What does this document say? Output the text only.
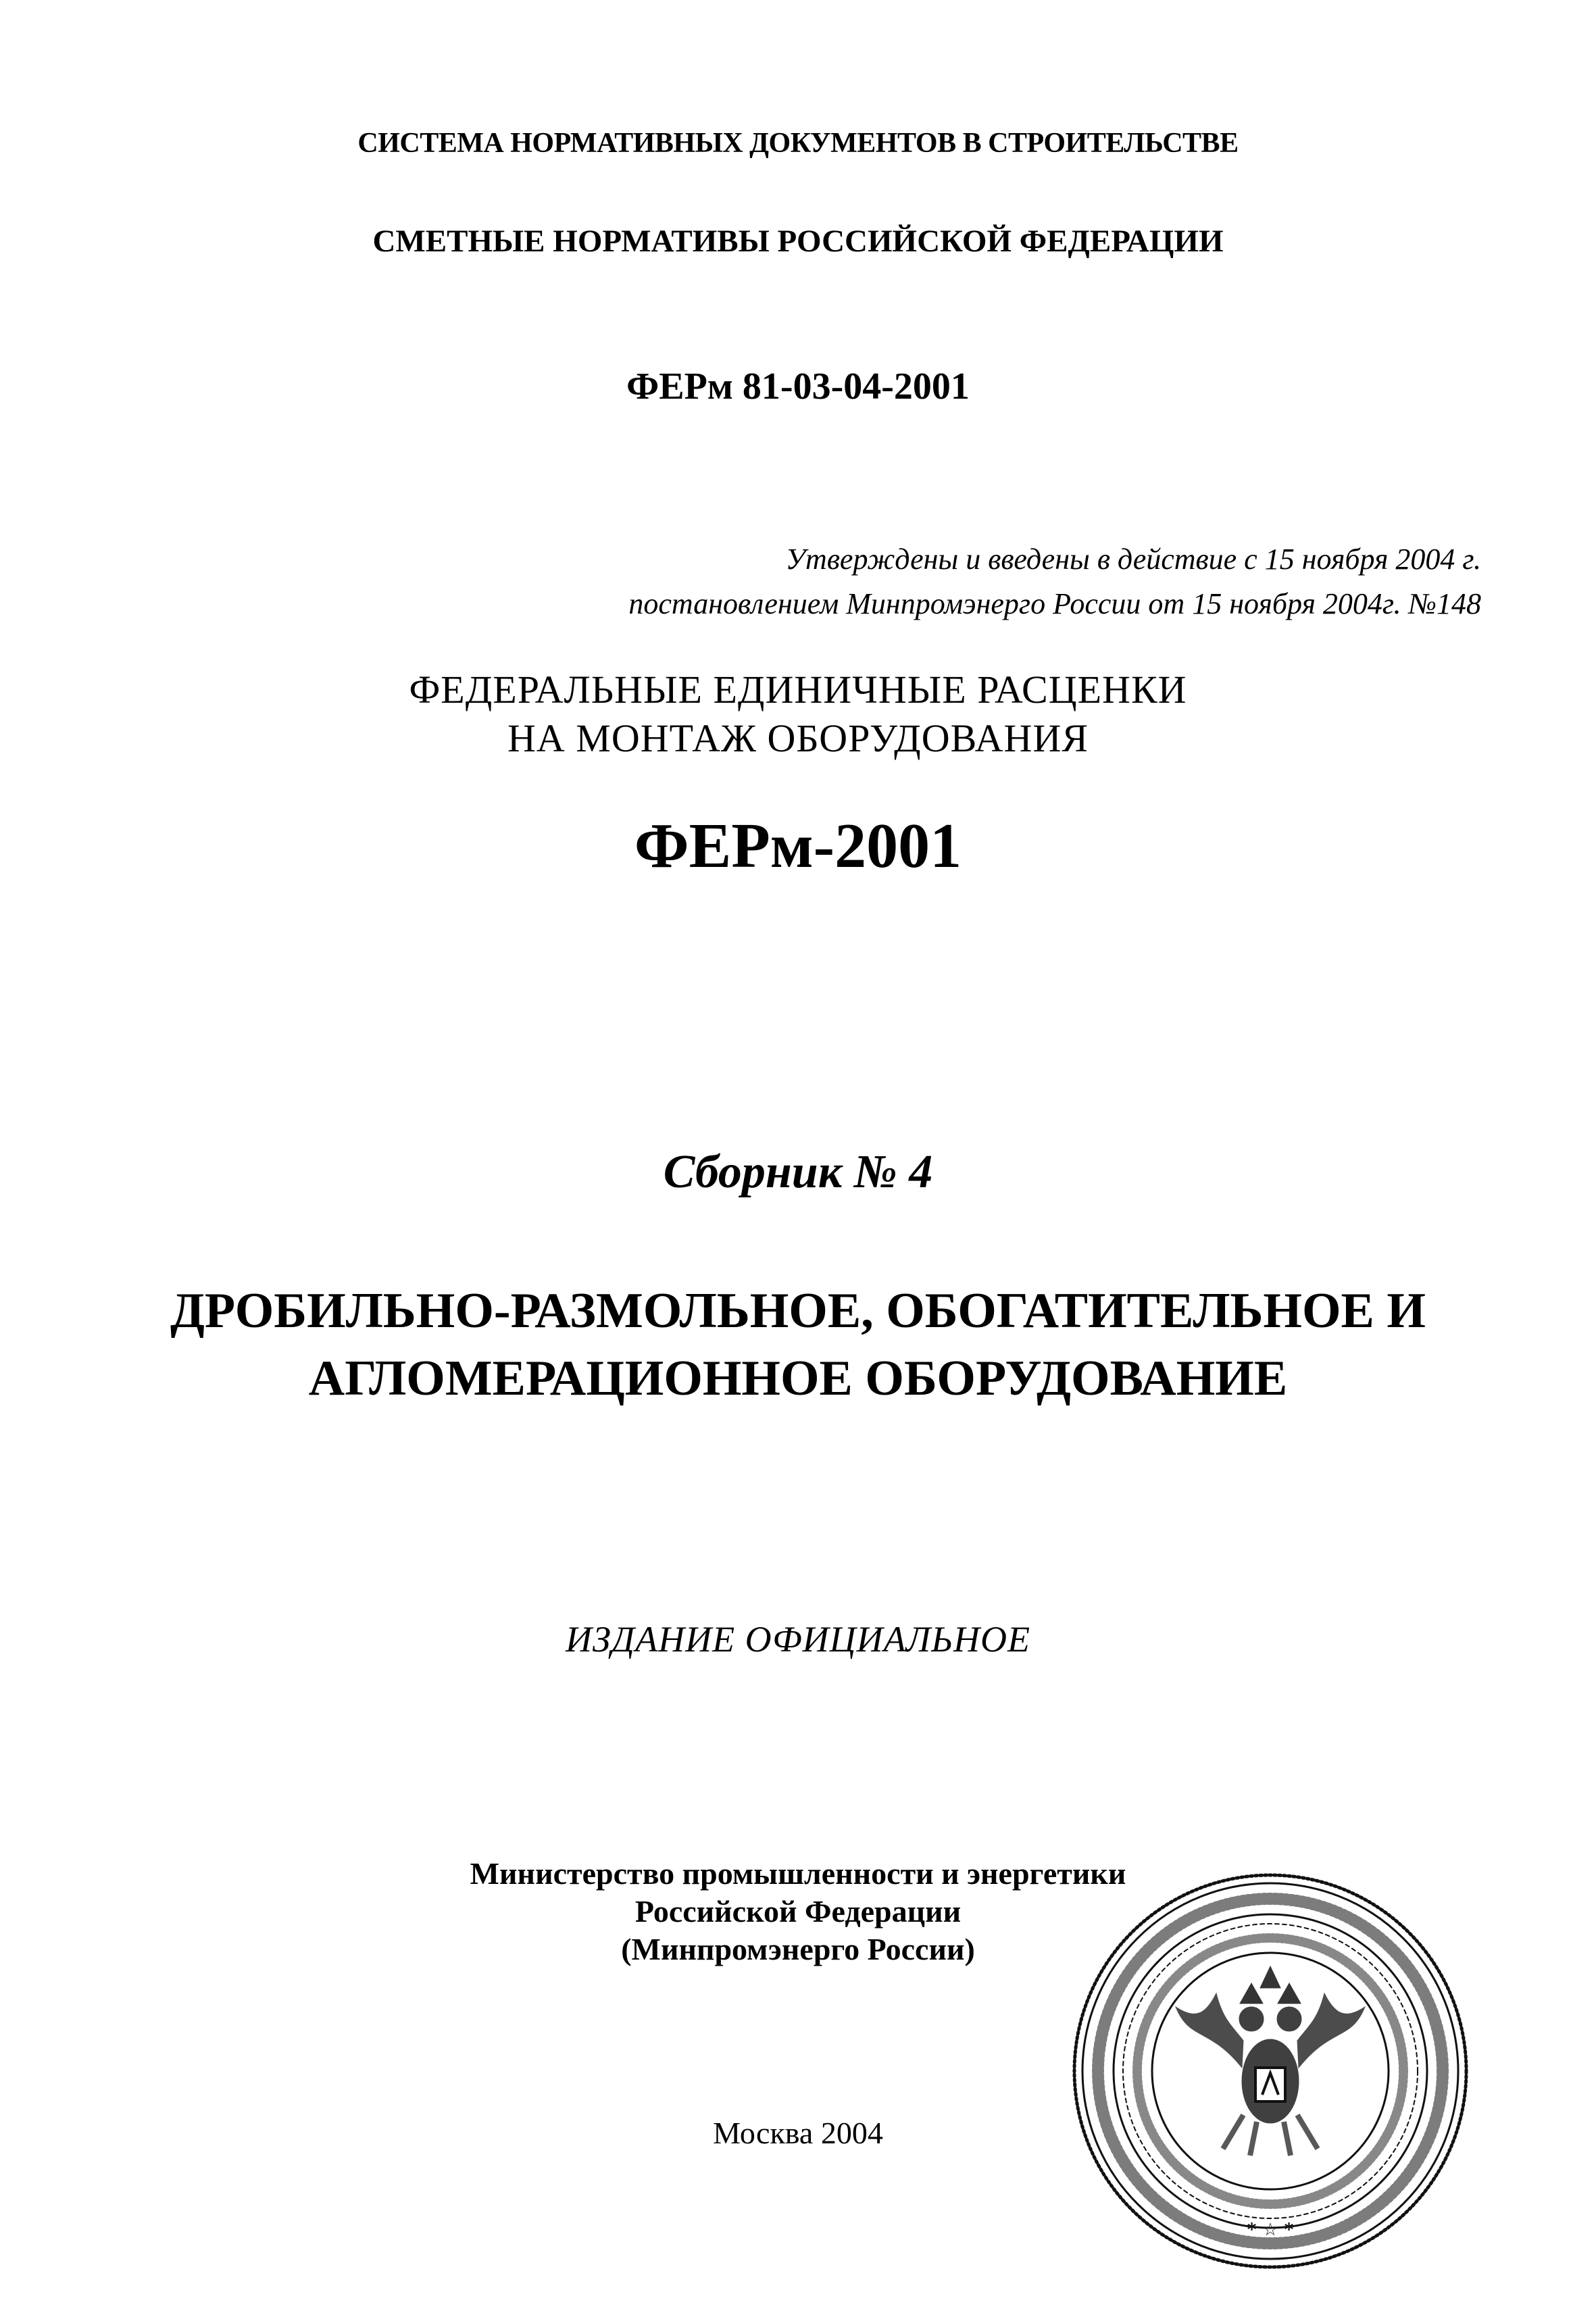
СИСТЕМА НОРМАТИВНЫХ ДОКУМЕНТОВ В СТРОИТЕЛЬСТВЕ

СМЕТНЫЕ НОРМАТИВЫ РОССИЙСКОЙ ФЕДЕРАЦИИ

ФЕРм 81-03-04-2001

Утверждены и введены в действие с 15 ноября 2004 г.
постановлением Минпромэнерго России от 15 ноября 2004г. №148
ФЕДЕРАЛЬНЫЕ ЕДИНИЧНЫЕ РАСЦЕНКИ
НА МОНТАЖ ОБОРУДОВАНИЯ

ФЕРм-2001

Сборник № 4

ДРОБИЛЬНО-РАЗМОЛЬНОЕ, ОБОГАТИТЕЛЬНОЕ И
АГЛОМЕРАЦИОННОЕ ОБОРУДОВАНИЕ

ИЗДАНИЕ ОФИЦИАЛЬНОЕ

Министерство промышленности и энергетики
Российской Федерации
(Минпромэнерго России)

Москва 2004

* ☆ *
